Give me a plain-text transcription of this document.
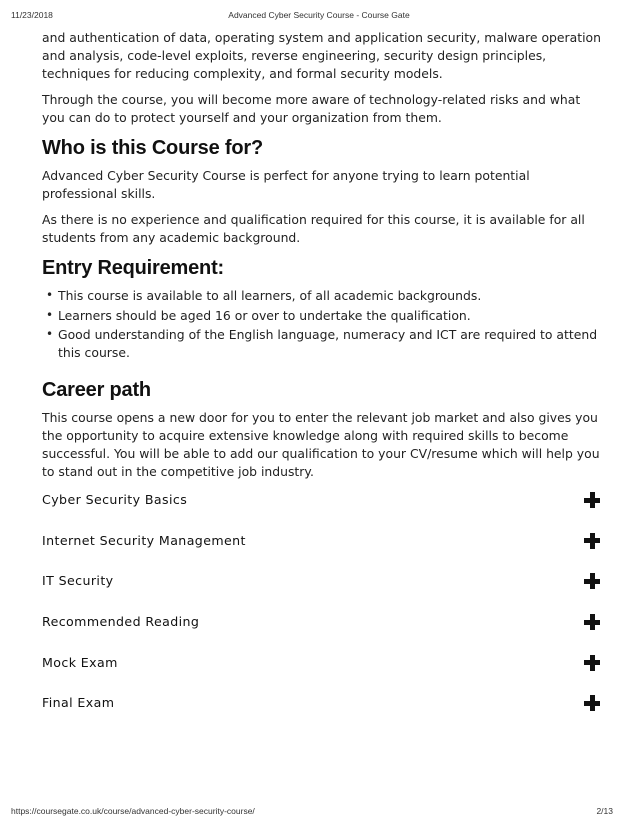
11/23/2018	Advanced Cyber Security Course - Course Gate

and authentication of data, operating system and application security, malware operation and analysis, code-level exploits, reverse engineering, security design principles, techniques for reducing complexity, and formal security models.

Through the course, you will become more aware of technology-related risks and what you can do to protect yourself and your organization from them.

Who is this Course for?

Advanced Cyber Security Course is perfect for anyone trying to learn potential professional skills.

As there is no experience and qualification required for this course, it is available for all students from any academic background.

Entry Requirement:
• This course is available to all learners, of all academic backgrounds.
• Learners should be aged 16 or over to undertake the qualification.
• Good understanding of the English language, numeracy and ICT are required to attend this course.
Career path

This course opens a new door for you to enter the relevant job market and also gives you the opportunity to acquire extensive knowledge along with required skills to become successful. You will be able to add our qualification to your CV/resume which will help you to stand out in the competitive job industry.

Cyber Security Basics
Internet Security Management
IT Security
Recommended Reading
Mock Exam
Final Exam
https://coursegate.co.uk/course/advanced-cyber-security-course/	2/13
